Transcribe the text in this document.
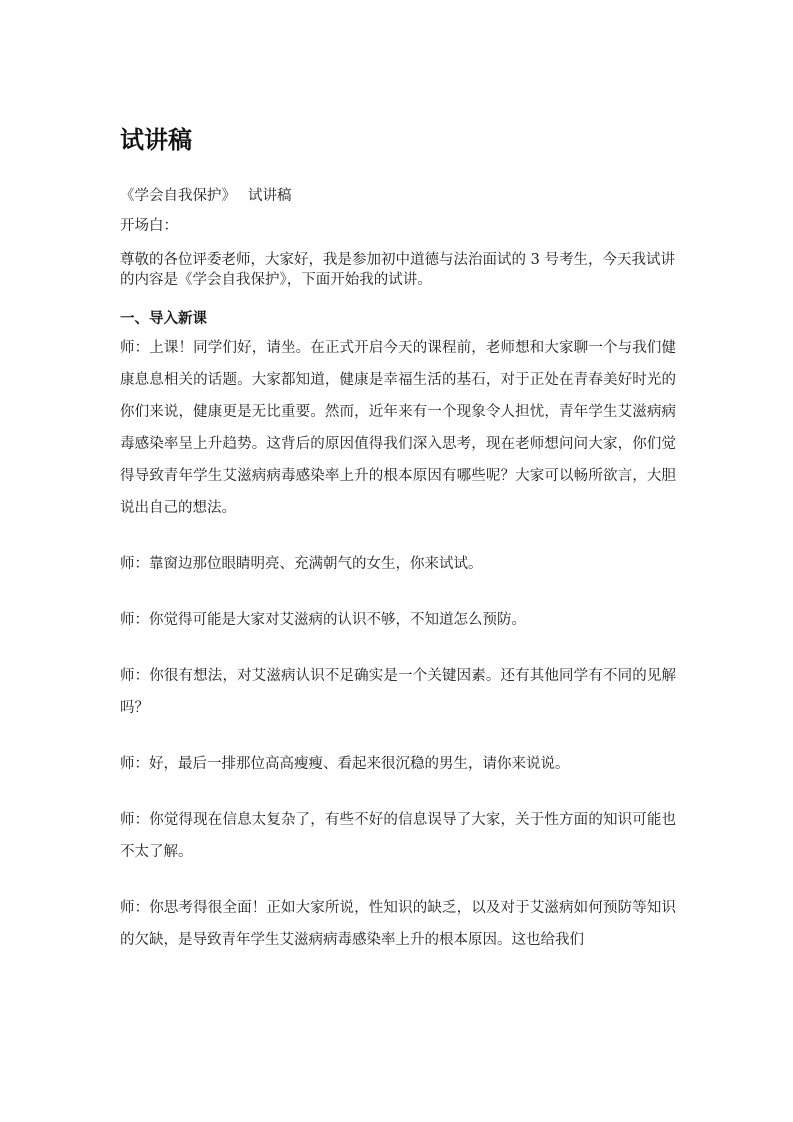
试讲稿

《学会自我保护》 试讲稿

开场白：

尊敬的各位评委老师，大家好，我是参加初中道德与法治面试的 3 号考生，今天我试讲的内容是《学会自我保护》，下面开始我的试讲。

一、导入新课

师：上课！同学们好，请坐。在正式开启今天的课程前，老师想和大家聊一个与我们健康息息相关的话题。大家都知道，健康是幸福生活的基石，对于正处在青春美好时光的你们来说，健康更是无比重要。然而，近年来有一个现象令人担忧，青年学生艾滋病病毒感染率呈上升趋势。这背后的原因值得我们深入思考，现在老师想问问大家，你们觉得导致青年学生艾滋病病毒感染率上升的根本原因有哪些呢？大家可以畅所欲言，大胆说出自己的想法。

师：靠窗边那位眼睛明亮、充满朝气的女生，你来试试。

师：你觉得可能是大家对艾滋病的认识不够，不知道怎么预防。

师：你很有想法，对艾滋病认识不足确实是一个关键因素。还有其他同学有不同的见解吗？

师：好，最后一排那位高高瘦瘦、看起来很沉稳的男生，请你来说说。

师：你觉得现在信息太复杂了，有些不好的信息误导了大家，关于性方面的知识可能也不太了解。

师：你思考得很全面！正如大家所说，性知识的缺乏，以及对于艾滋病如何预防等知识的欠缺，是导致青年学生艾滋病病毒感染率上升的根本原因。这也给我们
